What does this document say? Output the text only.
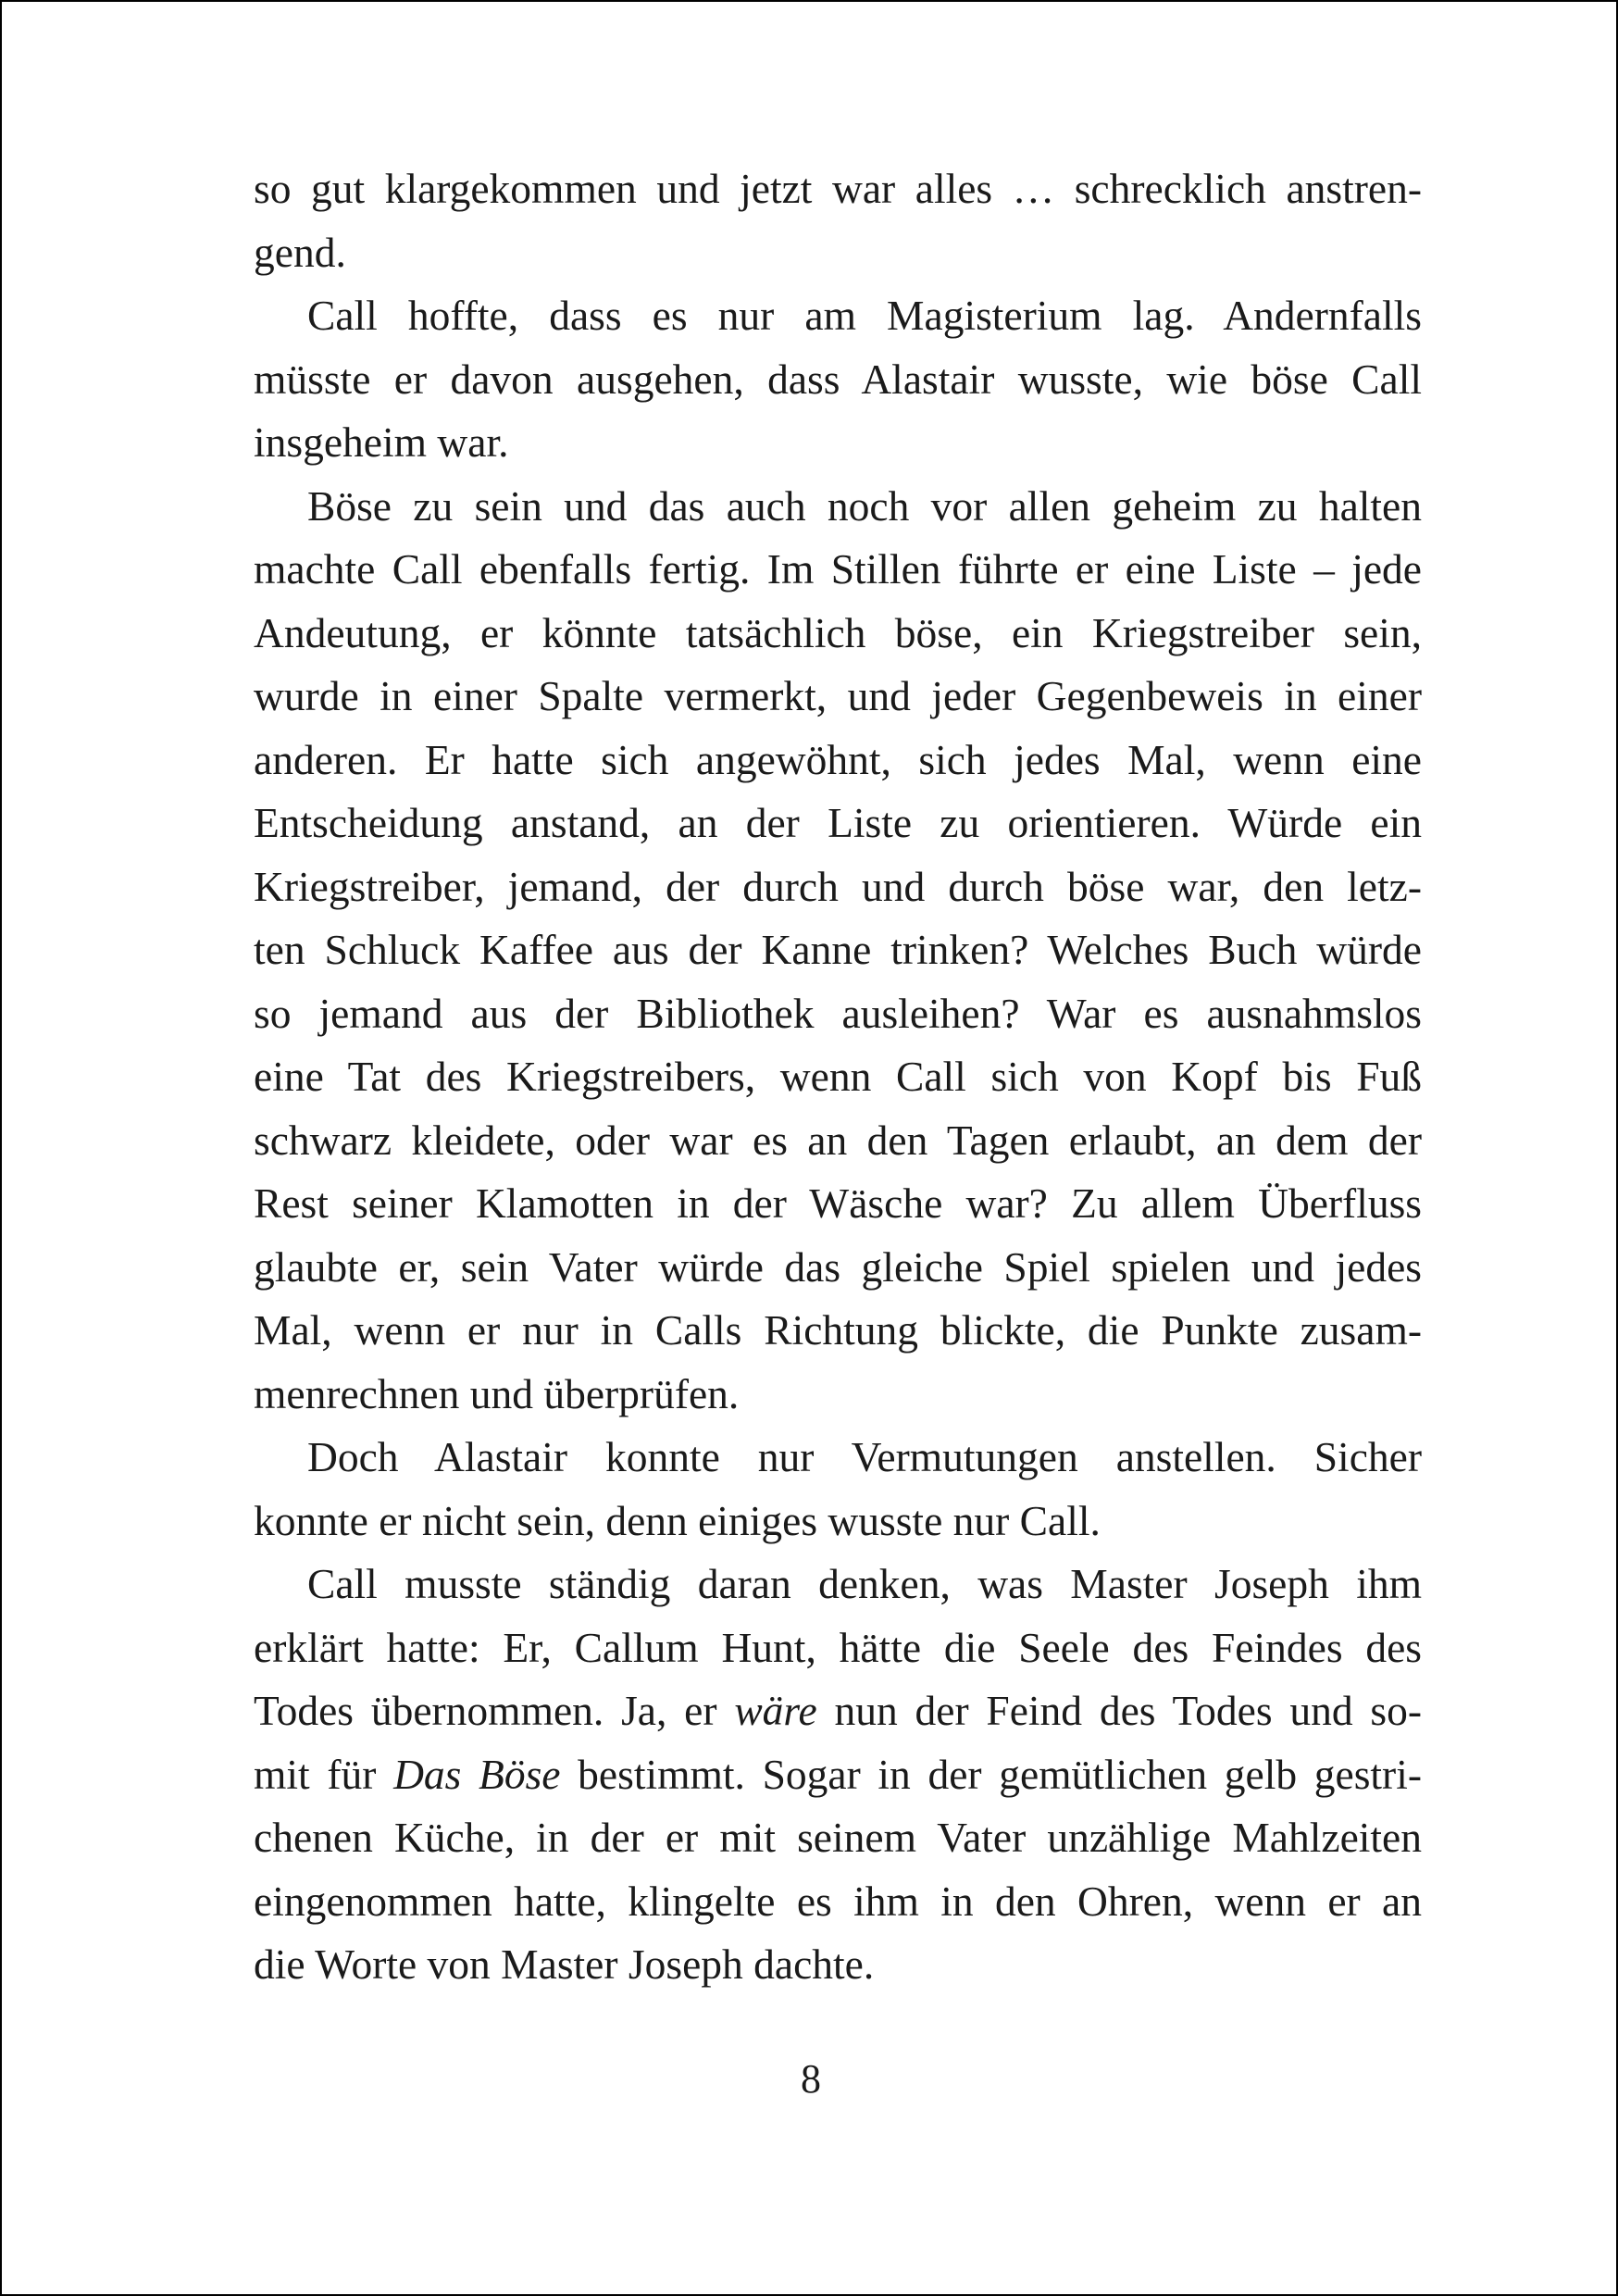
so gut klargekommen und jetzt war alles … schrecklich anstren-
gend.
Call hoffte, dass es nur am Magisterium lag. Andernfalls
müsste er davon ausgehen, dass Alastair wusste, wie böse Call
insgeheim war.
Böse zu sein und das auch noch vor allen geheim zu halten
machte Call ebenfalls fertig. Im Stillen führte er eine Liste – jede
Andeutung, er könnte tatsächlich böse, ein Kriegstreiber sein,
wurde in einer Spalte vermerkt, und jeder Gegenbeweis in einer
anderen. Er hatte sich angewöhnt, sich jedes Mal, wenn eine
Entscheidung anstand, an der Liste zu orientieren. Würde ein
Kriegstreiber, jemand, der durch und durch böse war, den letz-
ten Schluck Kaffee aus der Kanne trinken? Welches Buch würde
so jemand aus der Bibliothek ausleihen? War es ausnahmslos
eine Tat des Kriegstreibers, wenn Call sich von Kopf bis Fuß
schwarz kleidete, oder war es an den Tagen erlaubt, an dem der
Rest seiner Klamotten in der Wäsche war? Zu allem Überfluss
glaubte er, sein Vater würde das gleiche Spiel spielen und jedes
Mal, wenn er nur in Calls Richtung blickte, die Punkte zusam-
menrechnen und überprüfen.
Doch Alastair konnte nur Vermutungen anstellen. Sicher
konnte er nicht sein, denn einiges wusste nur Call.
Call musste ständig daran denken, was Master Joseph ihm
erklärt hatte: Er, Callum Hunt, hätte die Seele des Feindes des
Todes übernommen. Ja, er wäre nun der Feind des Todes und so-
mit für Das Böse bestimmt. Sogar in der gemütlichen gelb gestri-
chenen Küche, in der er mit seinem Vater unzählige Mahlzeiten
eingenommen hatte, klingelte es ihm in den Ohren, wenn er an
die Worte von Master Joseph dachte.
8
